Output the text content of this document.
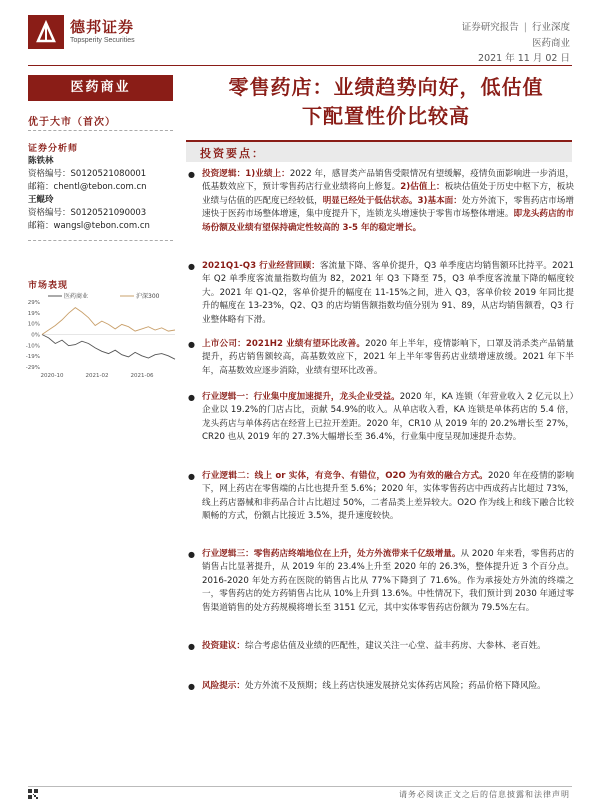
德邦证券
Topsperity Securities
证券研究报告 | 行业深度
医药商业
2021 年 11 月 02 日
医药商业
优于大市（首次）
证券分析师
陈铁林
资格编号：S0120521080001
邮箱：chentl@tebon.com.cn
王鲲玲
资格编号：S0120521090003
邮箱：wangsl@tebon.com.cn
市场表现
29%
19%
10%
0%
-10%
-19%
-29%
2020-10	2021-02	2021-06
医药商业	沪深300
零售药店：业绩趋势向好，低估值
下配置性价比较高
投资要点：
● 投资逻辑：1)业绩上：2022 年，感冒类产品销售受限情况有望缓解，疫情负面影响进一步消退，低基数效应下，预计零售药店行业业绩将向上修复。2)估值上：板块估值处于历史中枢下方，板块业绩与估值的匹配度已经较低，明显已经处于低估状态。3)基本面：处方外流下，零售药店市场增速快于医药市场整体增速，集中度提升下，连锁龙头增速快于零售市场整体增速。即龙头药店的市场份额及业绩有望保持确定性较高的 3-5 年的稳定增长。
● 2021Q1-Q3 行业经营回顾：客流量下降、客单价提升，Q3 单季度店均销售额环比持平。2021 年 Q2 单季度客流量指数均值为 82，2021 年 Q3 下降至 75，Q3 单季度客流量下降的幅度较大。2021 年 Q1-Q2，客单价提升的幅度在 11-15%之间，进入 Q3，客单价较 2019 年同比提升的幅度在 13-23%，Q2、Q3 的店均销售额指数均值分别为 91、89，从店均销售额看，Q3 行业整体略有下滑。
● 上市公司：2021H2 业绩有望环比改善。2020 年上半年，疫情影响下，口罩及消杀类产品销量提升，药店销售额较高，高基数效应下，2021 年上半年零售药店业绩增速放缓。2021 年下半年，高基数效应逐步消除，业绩有望环比改善。
● 行业逻辑一：行业集中度加速提升，龙头企业受益。2020 年，KA 连锁（年营业收入 2 亿元以上）企业以 19.2%的门店占比，贡献 54.9%的收入。从单店收入看，KA 连锁是单体药店的 5.4 倍，龙头药店与单体药店在经营上已拉开差距。2020 年，CR10 从 2019 年的 20.2%增长至 27%，CR20 也从 2019 年的 27.3%大幅增长至 36.4%，行业集中度呈现加速提升态势。
● 行业逻辑二：线上 or 实体，有竞争、有错位，O2O 为有效的融合方式。2020 年在疫情的影响下，网上药店在零售端的占比也提升至 5.6%；2020 年，实体零售药店中西成药占比超过 73%，线上药店器械和非药品合计占比超过 50%，二者品类上差异较大。O2O 作为线上和线下融合比较顺畅的方式，份额占比接近 3.5%，提升速度较快。
● 行业逻辑三：零售药店终端地位在上升，处方外流带来千亿级增量。从 2020 年来看，零售药店的销售占比显著提升，从 2019 年的 23.4%上升至 2020 年的 26.3%，整体提升近 3 个百分点。2016-2020 年处方药在医院的销售占比从 77%下降到了 71.6%。作为承接处方外流的终端之一，零售药店的处方药销售占比从 10%上升到 13.6%。中性情况下，我们预计到 2030 年通过零售渠道销售的处方药规模将增长至 3151 亿元，其中实体零售药店份额为 79.5%左右。
● 投资建议：综合考虑估值及业绩的匹配性，建议关注一心堂、益丰药房、大参林、老百姓。
● 风险提示：处方外流不及预期；线上药店快速发展挤兑实体药店风险；药品价格下降风险。
请务必阅读正文之后的信息披露和法律声明
